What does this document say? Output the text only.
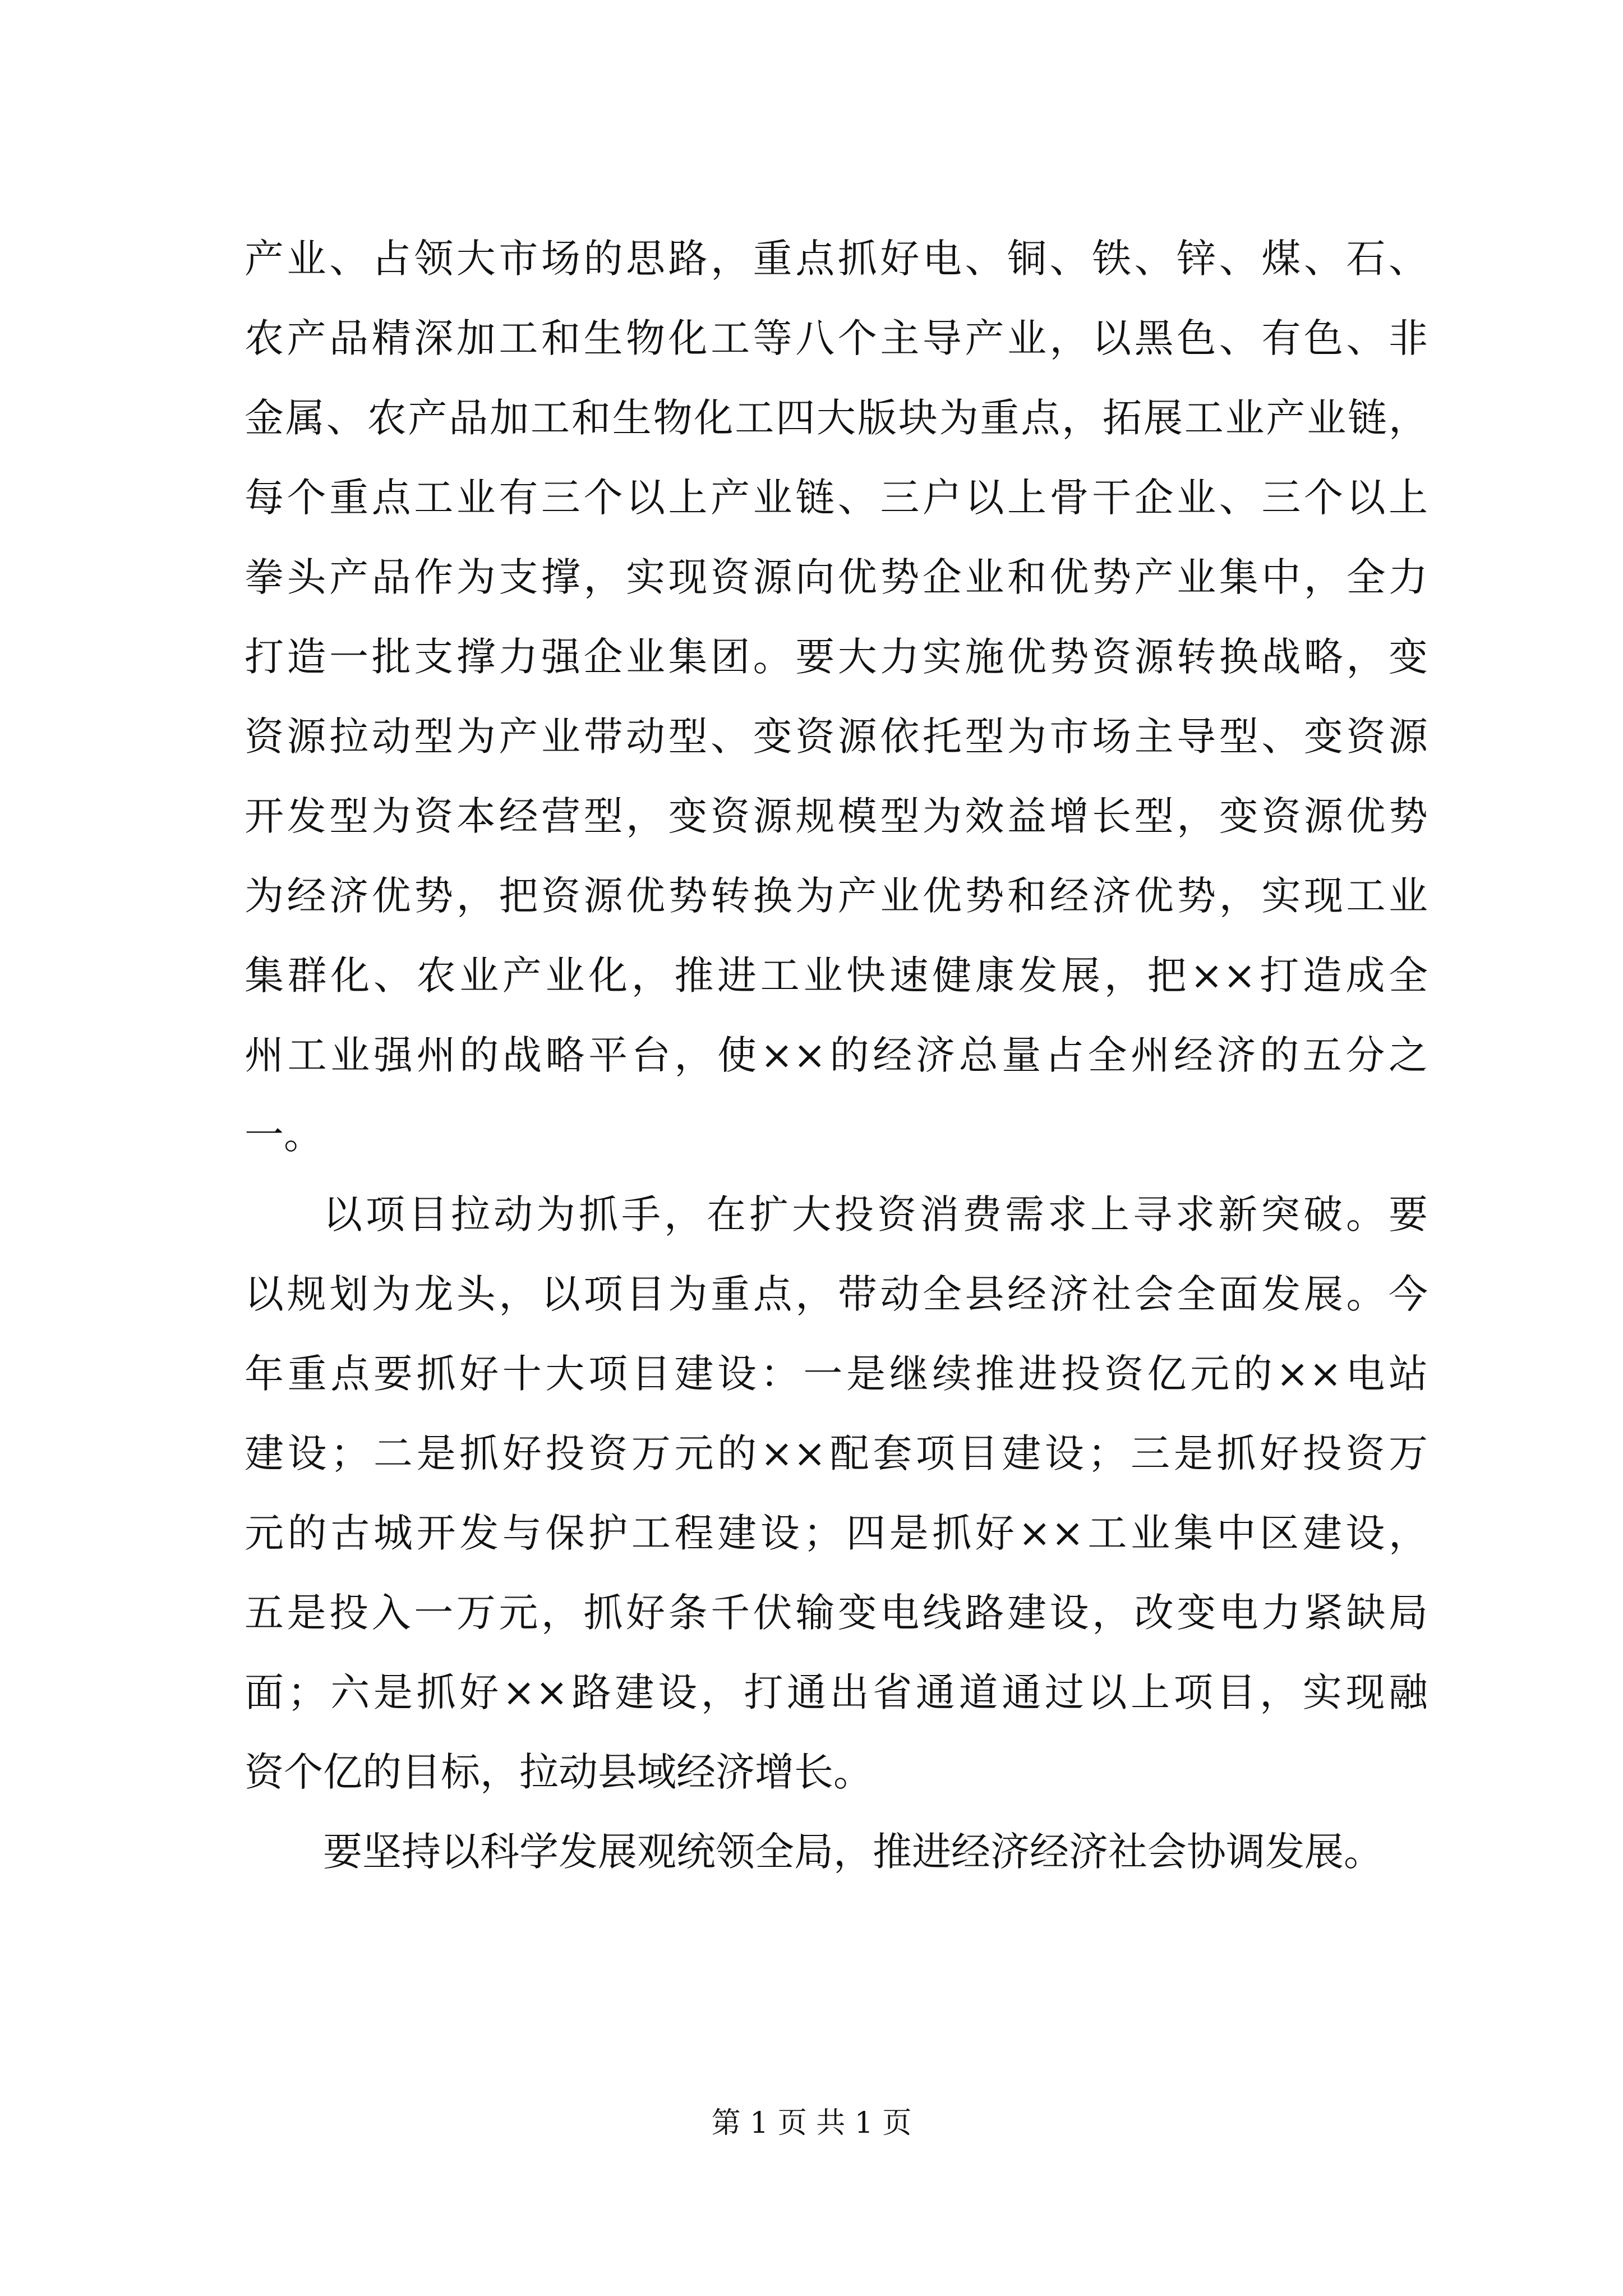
产业、占领大市场的思路，重点抓好电、铜、铁、锌、煤、石、
农产品精深加工和生物化工等八个主导产业，以黑色、有色、非
金属、农产品加工和生物化工四大版块为重点，拓展工业产业链，
每个重点工业有三个以上产业链、三户以上骨干企业、三个以上
拳头产品作为支撑，实现资源向优势企业和优势产业集中，全力
打造一批支撑力强企业集团。要大力实施优势资源转换战略，变
资源拉动型为产业带动型、变资源依托型为市场主导型、变资源
开发型为资本经营型，变资源规模型为效益增长型，变资源优势
为经济优势，把资源优势转换为产业优势和经济优势，实现工业
集群化、农业产业化，推进工业快速健康发展，把××打造成全
州工业强州的战略平台，使××的经济总量占全州经济的五分之
一。
以项目拉动为抓手，在扩大投资消费需求上寻求新突破。要
以规划为龙头，以项目为重点，带动全县经济社会全面发展。今
年重点要抓好十大项目建设：一是继续推进投资亿元的××电站
建设；二是抓好投资万元的××配套项目建设；三是抓好投资万
元的古城开发与保护工程建设；四是抓好××工业集中区建设，
五是投入一万元，抓好条千伏输变电线路建设，改变电力紧缺局
面；六是抓好××路建设，打通出省通道通过以上项目，实现融
资个亿的目标，拉动县域经济增长。
要坚持以科学发展观统领全局，推进经济经济社会协调发展。
第 1 页 共 1 页
